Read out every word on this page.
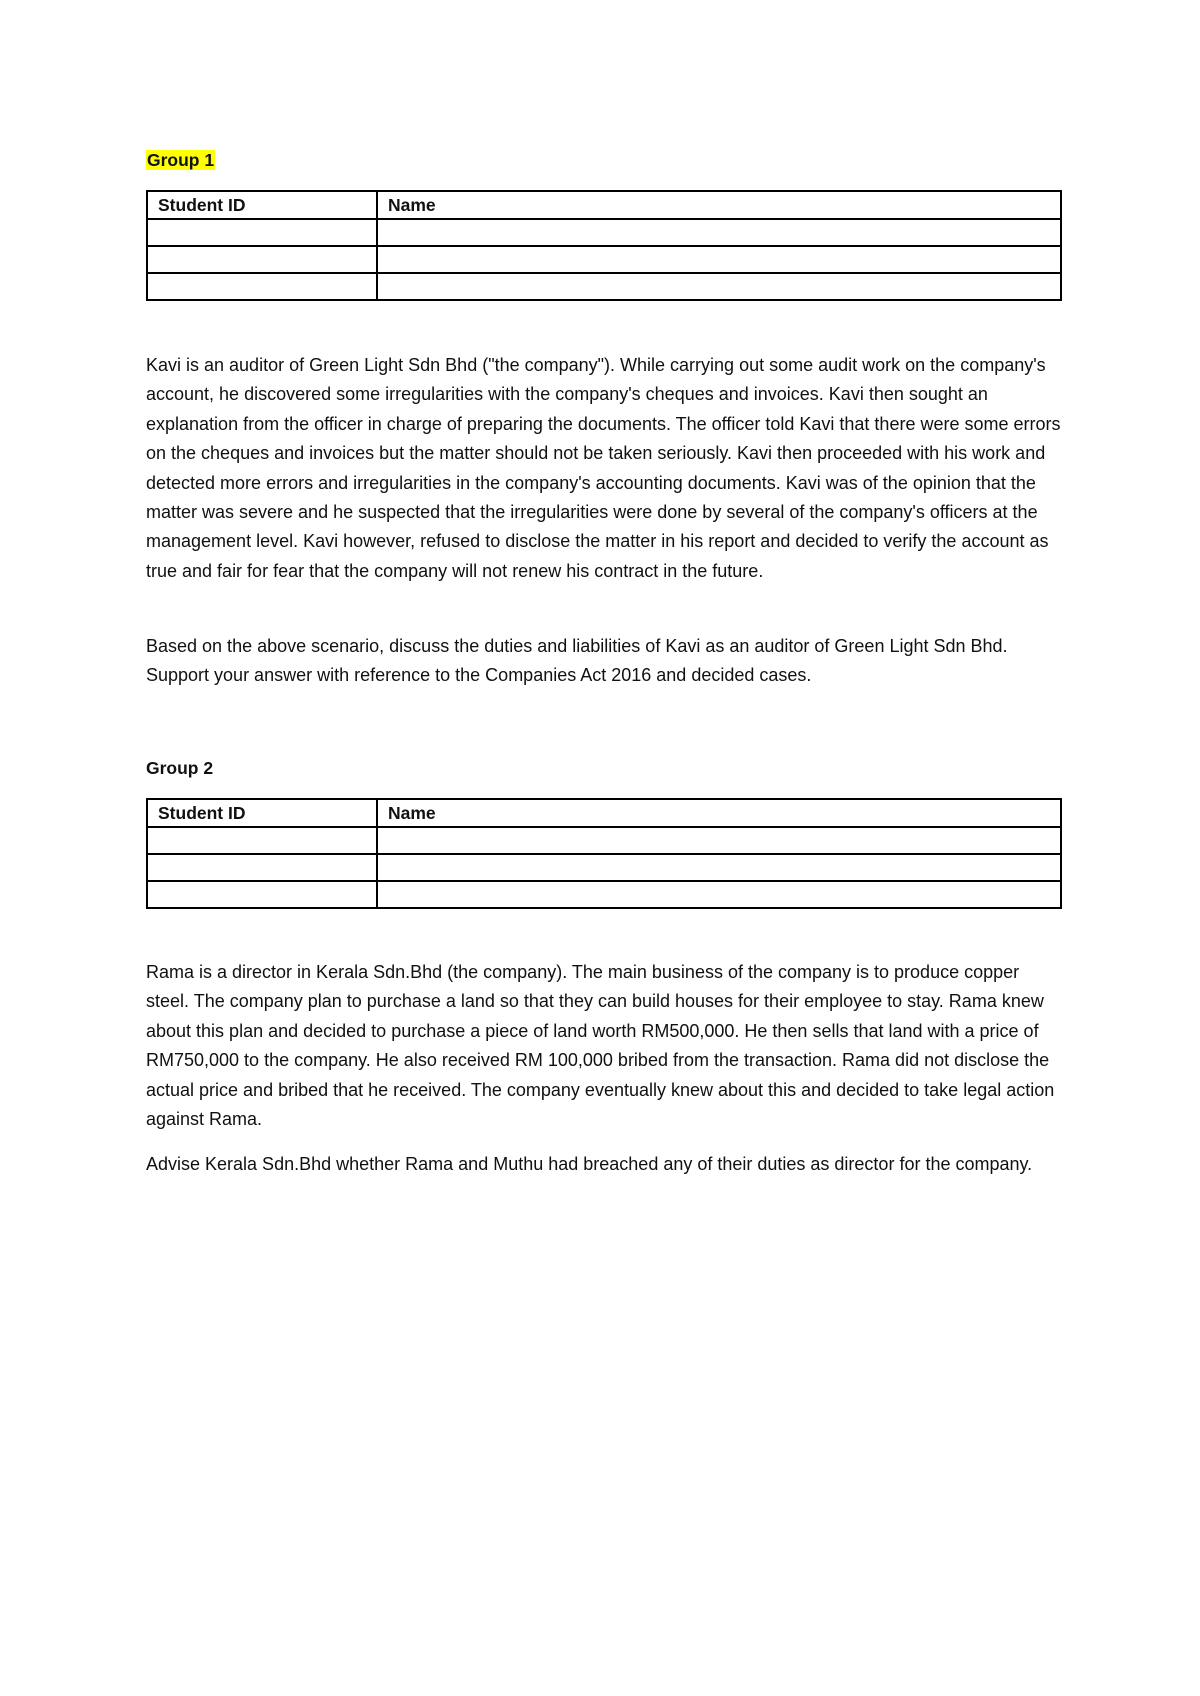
Group 1

Student ID	Name

Kavi is an auditor of Green Light Sdn Bhd ("the company"). While carrying out some audit work on the company's account, he discovered some irregularities with the company's cheques and invoices. Kavi then sought an explanation from the officer in charge of preparing the documents. The officer told Kavi that there were some errors on the cheques and invoices but the matter should not be taken seriously. Kavi then proceeded with his work and detected more errors and irregularities in the company's accounting documents. Kavi was of the opinion that the matter was severe and he suspected that the irregularities were done by several of the company's officers at the management level. Kavi however, refused to disclose the matter in his report and decided to verify the account as true and fair for fear that the company will not renew his contract in the future.

Based on the above scenario, discuss the duties and liabilities of Kavi as an auditor of Green Light Sdn Bhd. Support your answer with reference to the Companies Act 2016 and decided cases.

Group 2

Student ID	Name

Rama is a director in Kerala Sdn.Bhd (the company). The main business of the company is to produce copper steel. The company plan to purchase a land so that they can build houses for their employee to stay. Rama knew about this plan and decided to purchase a piece of land worth RM500,000. He then sells that land with a price of RM750,000 to the company. He also received RM 100,000 bribed from the transaction. Rama did not disclose the actual price and bribed that he received. The company eventually knew about this and decided to take legal action against Rama.

Advise Kerala Sdn.Bhd whether Rama and Muthu had breached any of their duties as director for the company.
